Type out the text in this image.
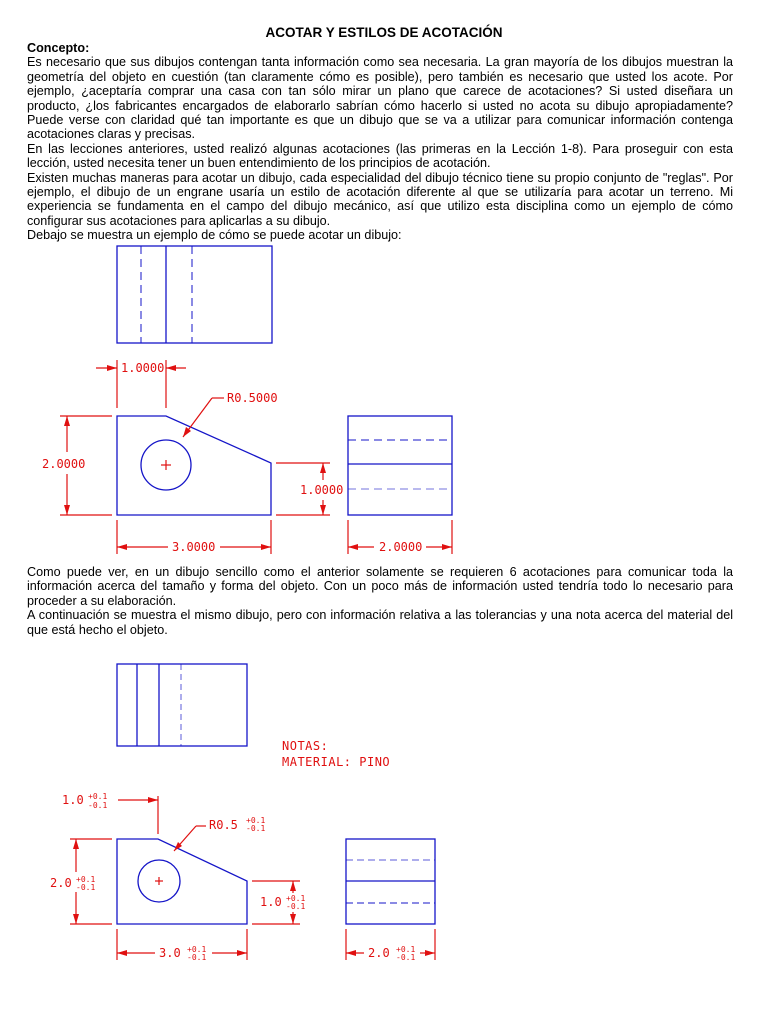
ACOTAR Y ESTILOS DE ACOTACIÓN

Concepto:

Es necesario que sus dibujos contengan tanta información como sea necesaria. La gran mayoría de los dibujos muestran la geometría del objeto en cuestión (tan claramente cómo es posible), pero también es necesario que usted los acote. Por ejemplo, ¿aceptaría comprar una casa con tan sólo mirar un plano que carece de acotaciones? Si usted diseñara un producto, ¿los fabricantes encargados de elaborarlo sabrían cómo hacerlo si usted no acota su dibujo apropiadamente? Puede verse con claridad qué tan importante es que un dibujo que se va a utilizar para comunicar información contenga acotaciones claras y precisas.

En las lecciones anteriores, usted realizó algunas acotaciones (las primeras en la Lección 1-8). Para proseguir con esta lección, usted necesita tener un buen entendimiento de los principios de acotación.

Existen muchas maneras para acotar un dibujo, cada especialidad del dibujo técnico tiene su propio conjunto de "reglas". Por ejemplo, el dibujo de un engrane usaría un estilo de acotación diferente al que se utilizaría para acotar un terreno. Mi experiencia se fundamenta en el campo del dibujo mecánico, así que utilizo esta disciplina como un ejemplo de cómo configurar sus acotaciones para aplicarlas a su dibujo.

Debajo se muestra un ejemplo de cómo se puede acotar un dibujo:

1.0000
R0.5000
2.0000
1.0000
3.0000	2.0000

Como puede ver, en un dibujo sencillo como el anterior solamente se requieren 6 acotaciones para comunicar toda la información acerca del tamaño y forma del objeto. Con un poco más de información usted tendría todo lo necesario para proceder a su elaboración.

A continuación se muestra el mismo dibujo, pero con información relativa a las tolerancias y una nota acerca del material del que está hecho el objeto.

NOTAS:
MATERIAL: PINO
1.0 +0.1
-0.1
R0.5 +0.1
-0.1
2.0 +0.1
-0.1
1.0 +0.1
-0.1
3.0 +0.1
-0.1	2.0 +0.1
-0.1
